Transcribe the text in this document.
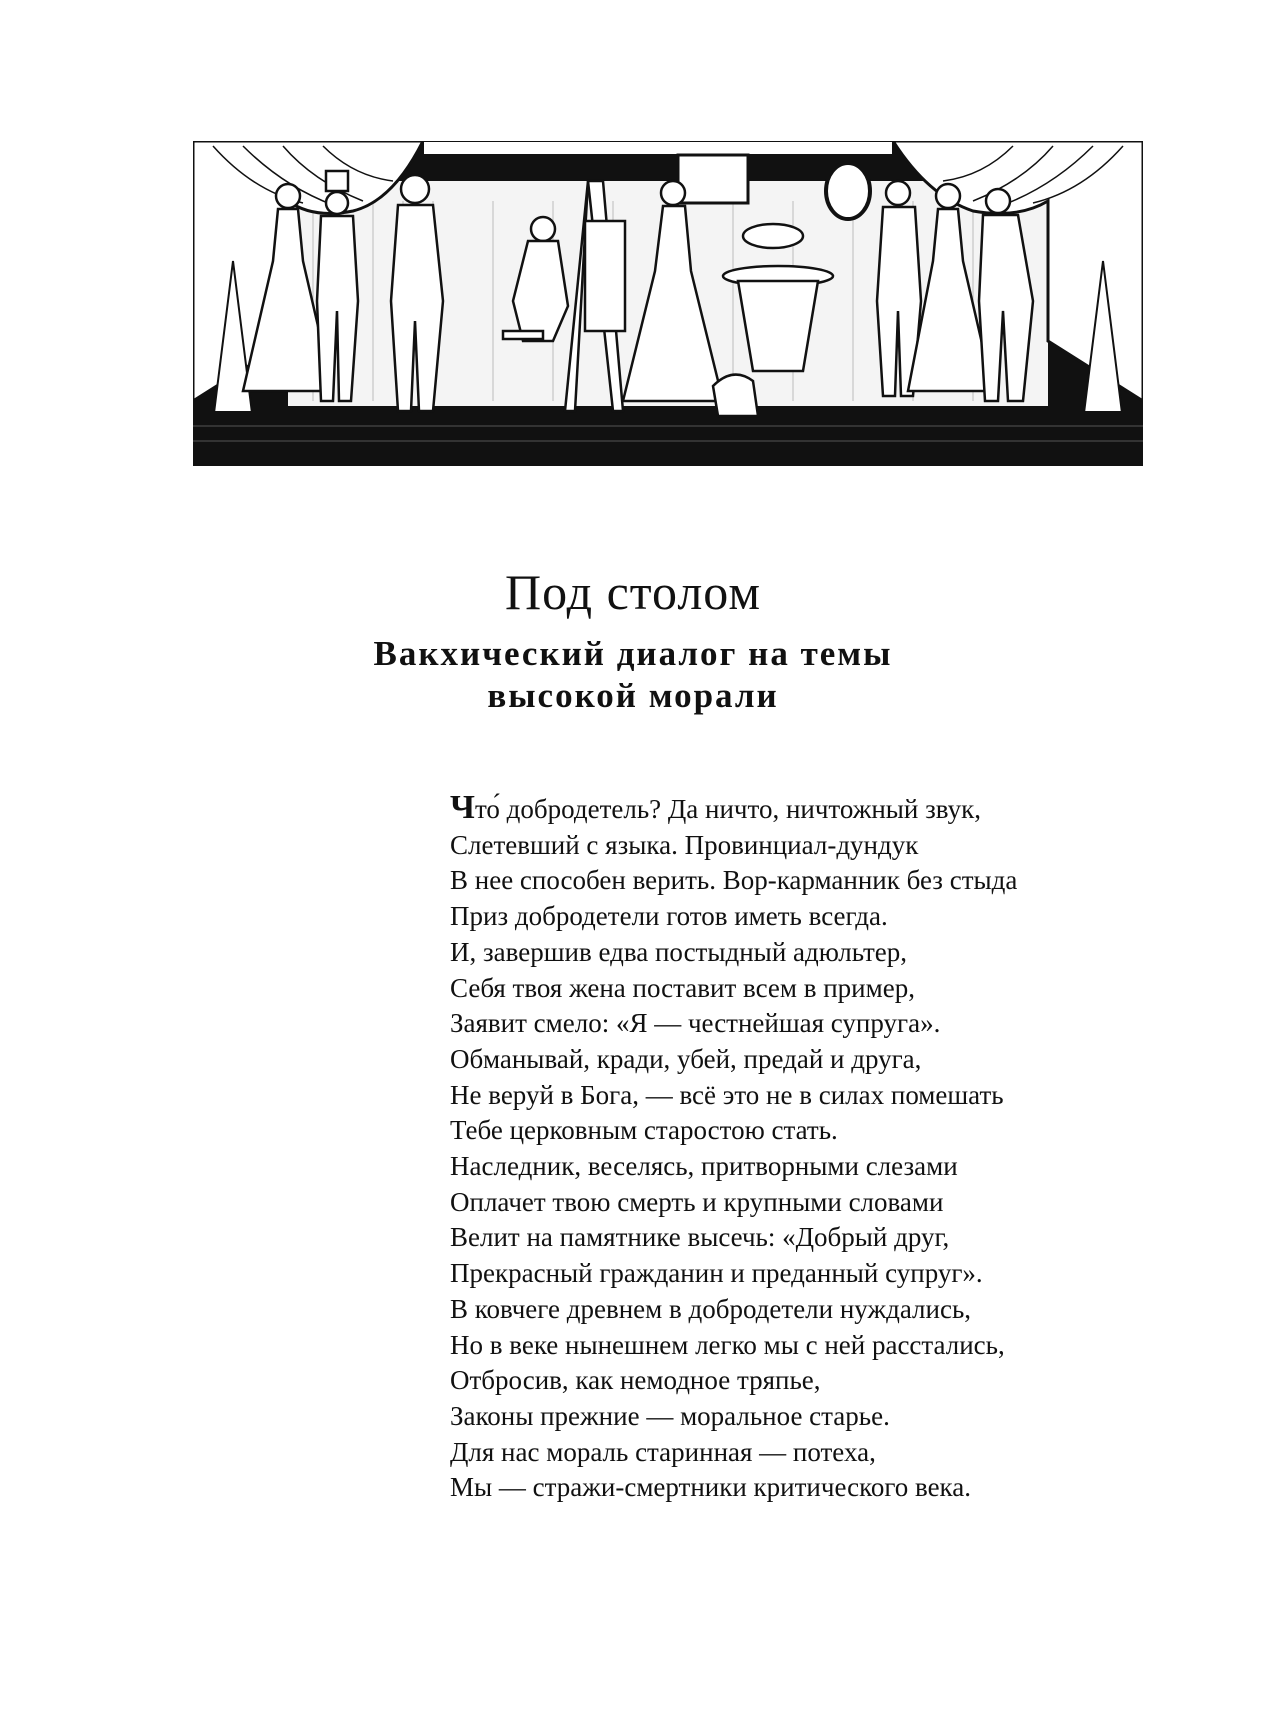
Под столом
Вакхический диалог на темы
высокой морали
Что́ добродетель? Да ничто, ничтожный звук,
Слетевший с языка. Провинциал-дундук
В нее способен верить. Вор-карманник без стыда
Приз добродетели готов иметь всегда.
И, завершив едва постыдный адюльтер,
Себя твоя жена поставит всем в пример,
Заявит смело: «Я — честнейшая супруга».
Обманывай, кради, убей, предай и друга,
Не веруй в Бога, — всё это не в силах помешать
Тебе церковным старостою стать.
Наследник, веселясь, притворными слезами
Оплачет твою смерть и крупными словами
Велит на памятнике высечь: «Добрый друг,
Прекрасный гражданин и преданный супруг».
В ковчеге древнем в добродетели нуждались,
Но в веке нынешнем легко мы с ней расстались,
Отбросив, как немодное тряпье,
Законы прежние — моральное старье.
Для нас мораль старинная — потеха,
Мы — стражи-смертники критического века.
